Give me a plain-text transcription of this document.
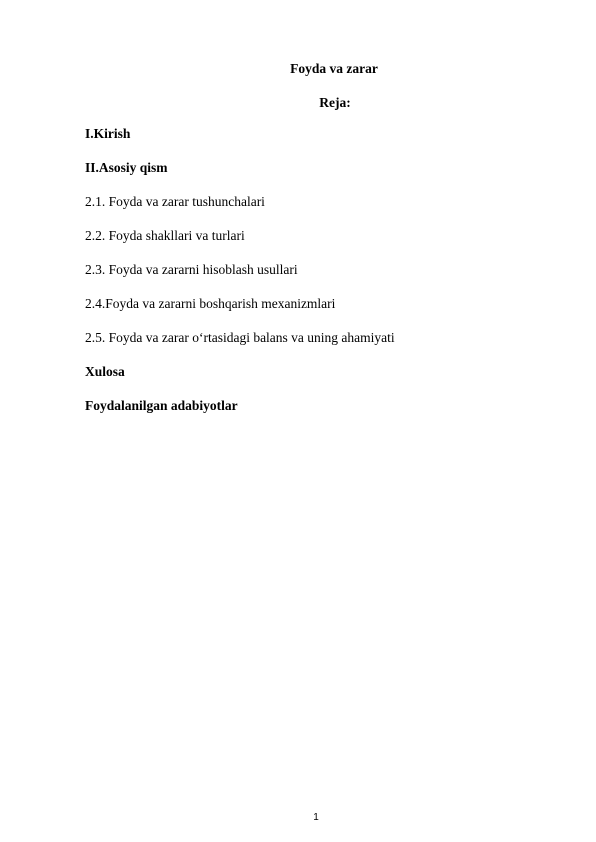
Foyda va zarar
Reja:
I.Kirish
II.Asosiy qism
2.1. Foyda va zarar tushunchalari
2.2. Foyda shakllari va turlari
2.3. Foyda va zararni hisoblash usullari
2.4.Foyda va zararni boshqarish mexanizmlari
2.5. Foyda va zarar o‘rtasidagi balans va uning ahamiyati
Xulosa
Foydalanilgan adabiyotlar
1
